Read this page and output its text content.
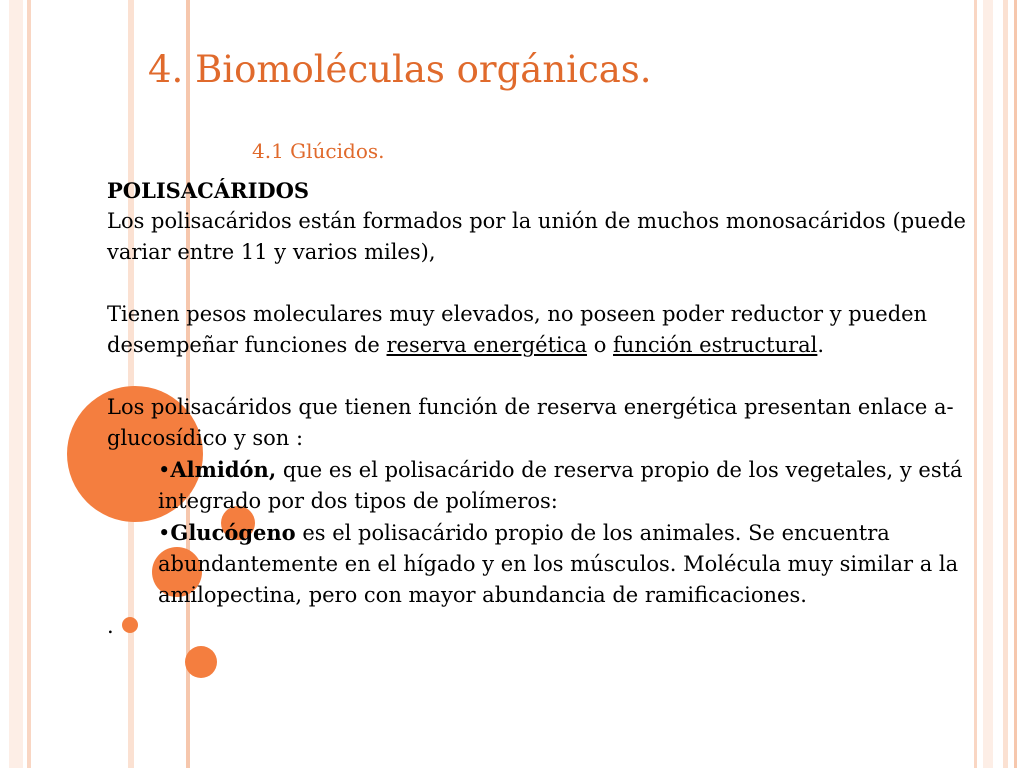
4. Biomoléculas orgánicas.
4.1 Glúcidos.

POLISACÁRIDOS

Los polisacáridos están formados por la unión de muchos monosacáridos (puede variar entre 11 y varios miles),

Tienen pesos moleculares muy elevados, no poseen poder reductor y pueden desempeñar funciones de reserva energética o función estructural.

Los polisacáridos que tienen función de reserva energética presentan enlace a-glucosídico y son :

•Almidón, que es el polisacárido de reserva propio de los vegetales, y está integrado por dos tipos de polímeros:

•Glucógeno es el polisacárido propio de los animales. Se encuentra abundantemente en el hígado y en los músculos. Molécula muy similar a la amilopectina, pero con mayor abundancia de ramificaciones.

.
